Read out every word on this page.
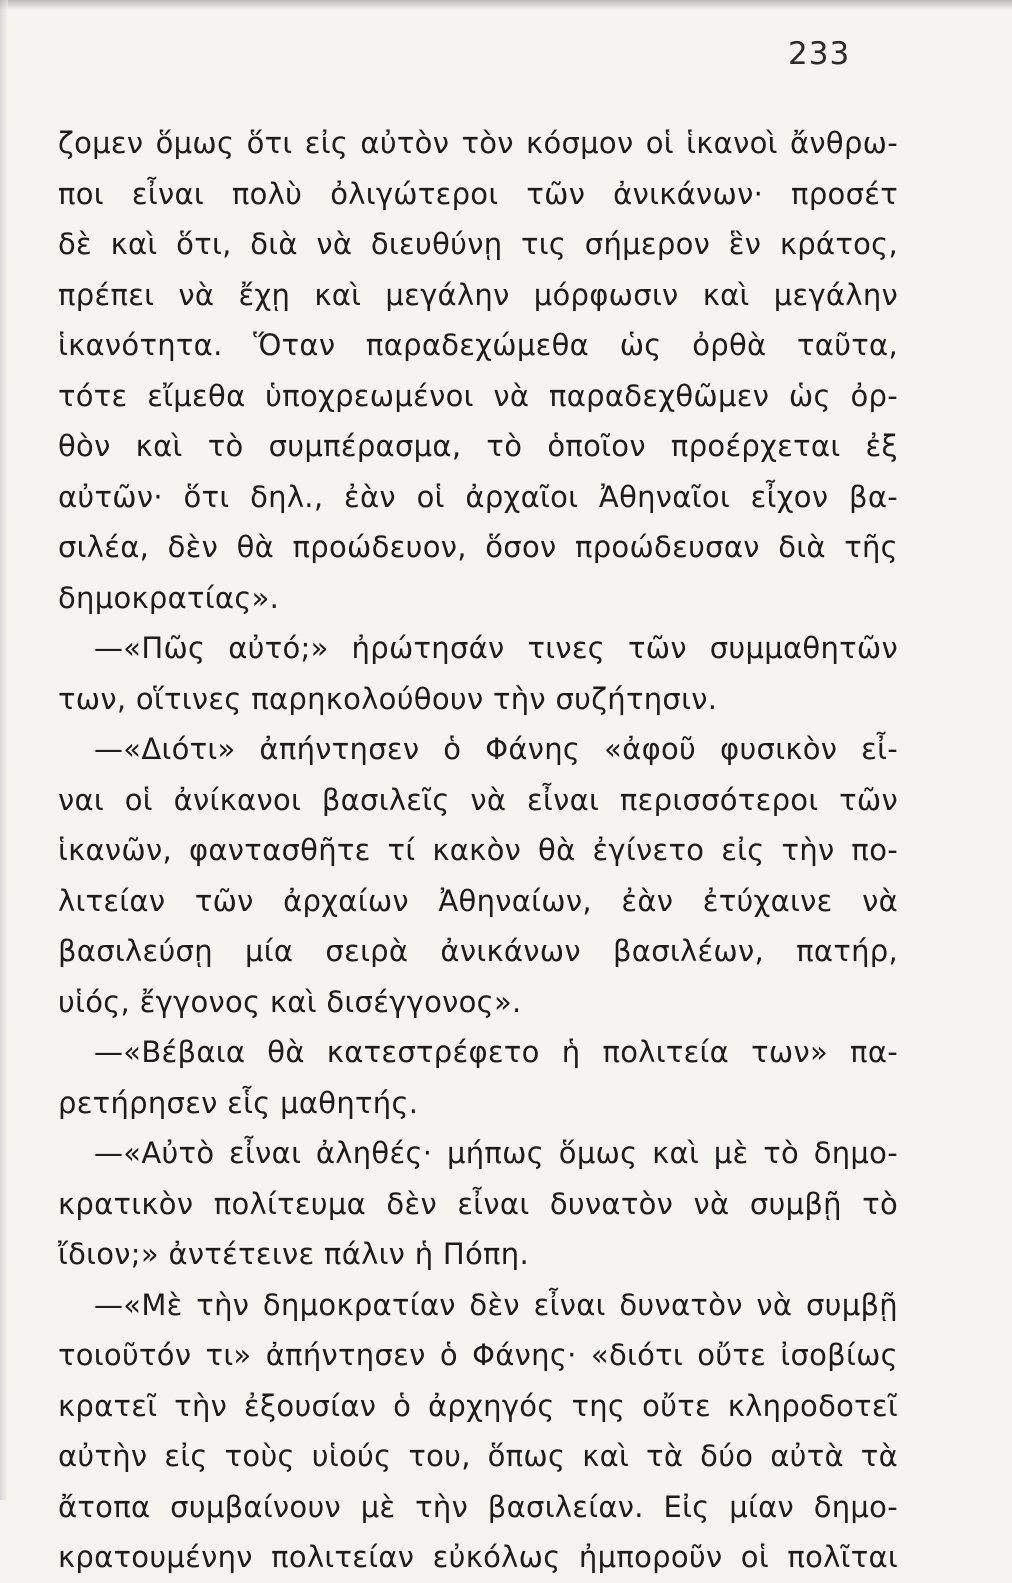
233
ζομεν ὅμως ὅτι εἰς αὐτὸν τὸν κόσμον οἱ ἱκανοὶ ἄνθρω-
ποι εἶναι πολὺ ὀλιγώτεροι τῶν ἀνικάνων· προσέτ
δὲ καὶ ὅτι, διὰ νὰ διευθύνῃ τις σήμερον ἓν κράτος,
πρέπει νὰ ἔχῃ καὶ μεγάλην μόρφωσιν καὶ μεγάλην
ἱκανότητα. Ὅταν παραδεχώμεθα ὡς ὀρθὰ ταῦτα,
τότε εἴμεθα ὑποχρεωμένοι νὰ παραδεχθῶμεν ὡς ὀρ-
θὸν καὶ τὸ συμπέρασμα, τὸ ὁποῖον προέρχεται ἐξ
αὐτῶν· ὅτι δηλ., ἐὰν οἱ ἀρχαῖοι Ἀθηναῖοι εἶχον βα-
σιλέα, δὲν θὰ προώδευον, ὅσον προώδευσαν διὰ τῆς
δημοκρατίας».
—«Πῶς αὐτό;» ἠρώτησάν τινες τῶν συμμαθητῶν
των, οἵτινες παρηκολούθουν τὴν συζήτησιν.
—«Διότι» ἀπήντησεν ὁ Φάνης «ἀφοῦ φυσικὸν εἶ-
ναι οἱ ἀνίκανοι βασιλεῖς νὰ εἶναι περισσότεροι τῶν
ἱκανῶν, φαντασθῆτε τί κακὸν θὰ ἐγίνετο εἰς τὴν πο-
λιτείαν τῶν ἀρχαίων Ἀθηναίων, ἐὰν ἐτύχαινε νὰ
βασιλεύσῃ μία σειρὰ ἀνικάνων βασιλέων, πατήρ,
υἱός, ἔγγονος καὶ δισέγγονος».
—«Βέβαια θὰ κατεστρέφετο ἡ πολιτεία των» πα-
ρετήρησεν εἷς μαθητής.
—«Αὐτὸ εἶναι ἀληθές· μήπως ὅμως καὶ μὲ τὸ δημο-
κρατικὸν πολίτευμα δὲν εἶναι δυνατὸν νὰ συμβῇ τὸ
ἴδιον;» ἀντέτεινε πάλιν ἡ Πόπη.
—«Μὲ τὴν δημοκρατίαν δὲν εἶναι δυνατὸν νὰ συμβῇ
τοιοῦτόν τι» ἀπήντησεν ὁ Φάνης· «διότι οὔτε ἰσοβίως
κρατεῖ τὴν ἐξουσίαν ὁ ἀρχηγός της οὔτε κληροδοτεῖ
αὐτὴν εἰς τοὺς υἱούς του, ὅπως καὶ τὰ δύο αὐτὰ τὰ
ἄτοπα συμβαίνουν μὲ τὴν βασιλείαν. Εἰς μίαν δημο-
κρατουμένην πολιτείαν εὐκόλως ἠμποροῦν οἱ πολῖται
